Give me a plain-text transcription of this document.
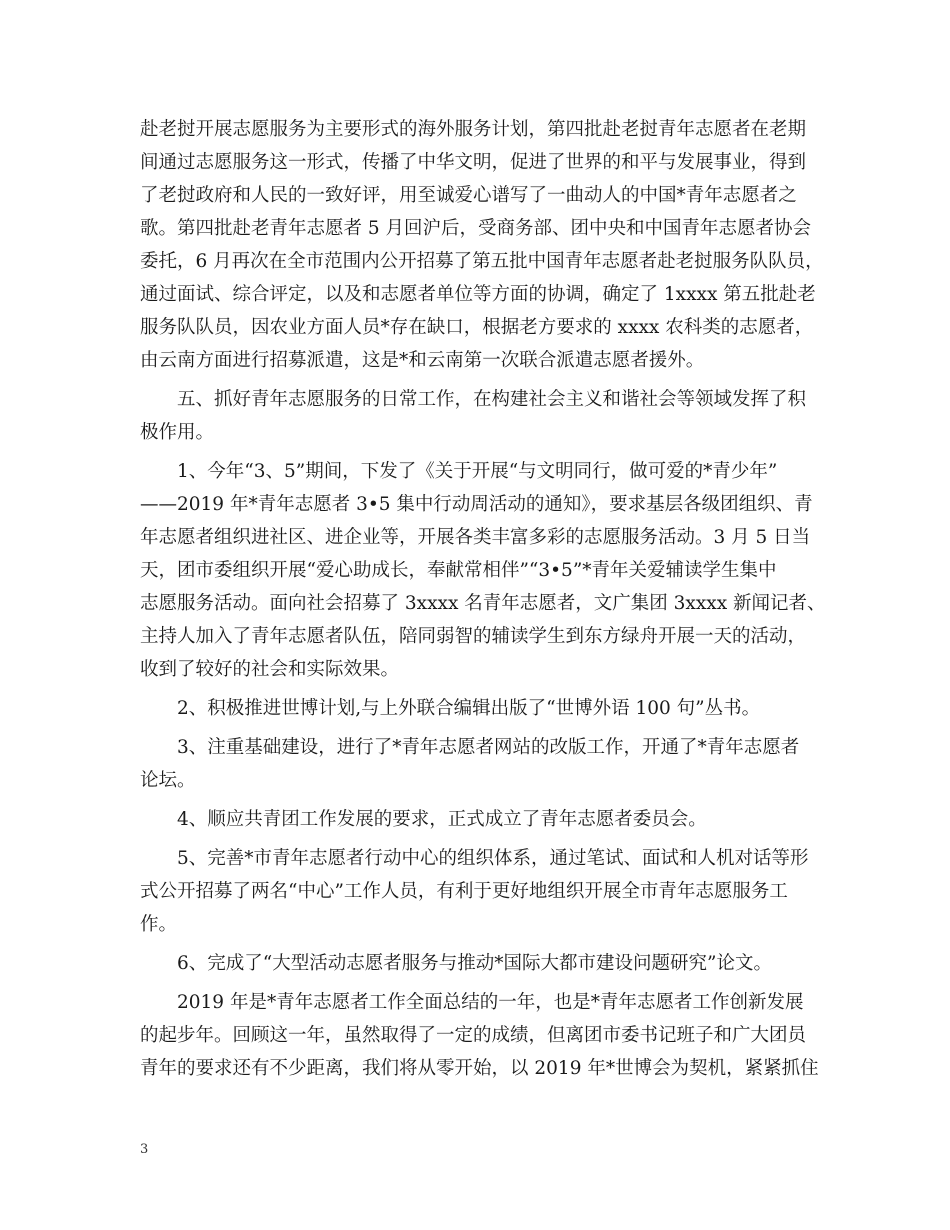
赴老挝开展志愿服务为主要形式的海外服务计划，第四批赴老挝青年志愿者在老期
间通过志愿服务这一形式，传播了中华文明，促进了世界的和平与发展事业，得到
了老挝政府和人民的一致好评，用至诚爱心谱写了一曲动人的中国*青年志愿者之
歌。第四批赴老青年志愿者 5 月回沪后，受商务部、团中央和中国青年志愿者协会
委托，6 月再次在全市范围内公开招募了第五批中国青年志愿者赴老挝服务队队员，
通过面试、综合评定，以及和志愿者单位等方面的协调，确定了 1xxxx 第五批赴老
服务队队员，因农业方面人员*存在缺口，根据老方要求的 xxxx 农科类的志愿者，
由云南方面进行招募派遣，这是*和云南第一次联合派遣志愿者援外。
五、抓好青年志愿服务的日常工作，在构建社会主义和谐社会等领域发挥了积
极作用。
1、今年“3、5”期间，下发了《关于开展“与文明同行，做可爱的*青少年”
——2019 年*青年志愿者 3•5 集中行动周活动的通知》，要求基层各级团组织、青
年志愿者组织进社区、进企业等，开展各类丰富多彩的志愿服务活动。3 月 5 日当
天，团市委组织开展“爱心助成长，奉献常相伴”“3•5”*青年关爱辅读学生集中
志愿服务活动。面向社会招募了 3xxxx 名青年志愿者，文广集团 3xxxx 新闻记者、
主持人加入了青年志愿者队伍，陪同弱智的辅读学生到东方绿舟开展一天的活动，
收到了较好的社会和实际效果。
2、积极推进世博计划,与上外联合编辑出版了“世博外语 100 句”丛书。
3、注重基础建设，进行了*青年志愿者网站的改版工作，开通了*青年志愿者
论坛。
4、顺应共青团工作发展的要求，正式成立了青年志愿者委员会。
5、完善*市青年志愿者行动中心的组织体系，通过笔试、面试和人机对话等形
式公开招募了两名“中心”工作人员，有利于更好地组织开展全市青年志愿服务工
作。
6、完成了“大型活动志愿者服务与推动*国际大都市建设问题研究”论文。
2019 年是*青年志愿者工作全面总结的一年，也是*青年志愿者工作创新发展
的起步年。回顾这一年，虽然取得了一定的成绩，但离团市委书记班子和广大团员
青年的要求还有不少距离，我们将从零开始，以 2019 年*世博会为契机，紧紧抓住
3
